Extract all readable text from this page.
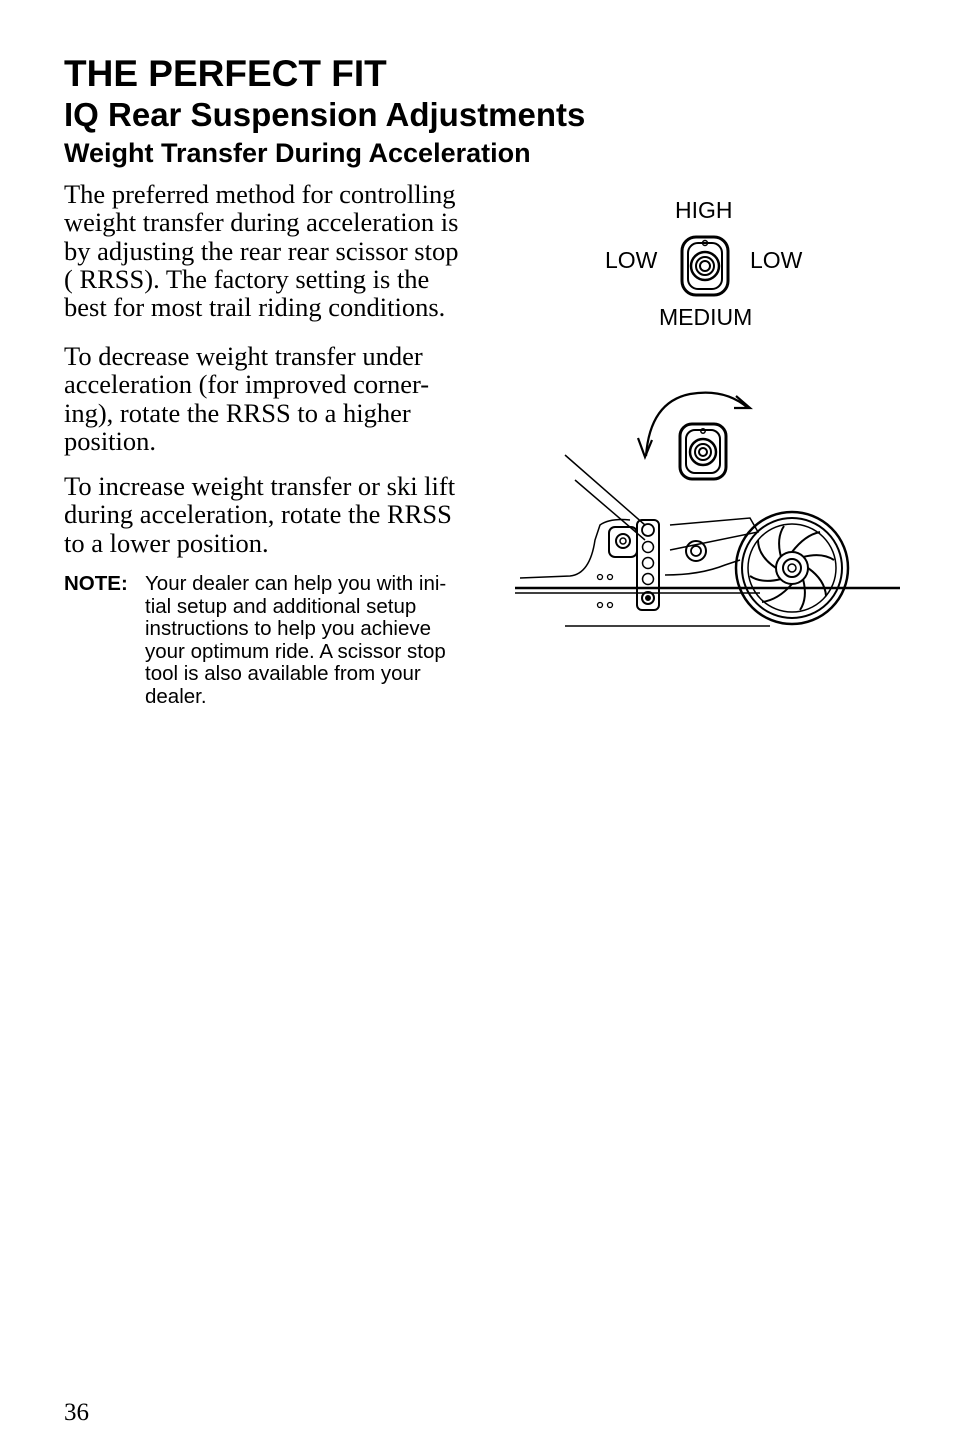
THE PERFECT FIT
IQ Rear Suspension Adjustments
Weight Transfer During Acceleration

The preferred method for controlling
weight transfer during acceleration is
by adjusting the rear rear scissor stop
( RRSS). The factory setting is the
best for most trail riding conditions.

To decrease weight transfer under
acceleration (for improved corner-
ing), rotate the RRSS to a higher
position.

To increase weight transfer or ski lift
during acceleration, rotate the RRSS
to a lower position.

NOTE: Your dealer can help you with ini-
tial setup and additional setup
instructions to help you achieve
your optimum ride. A scissor stop
tool is also available from your
dealer.
HIGH
LOW	LOW
MEDIUM
36
